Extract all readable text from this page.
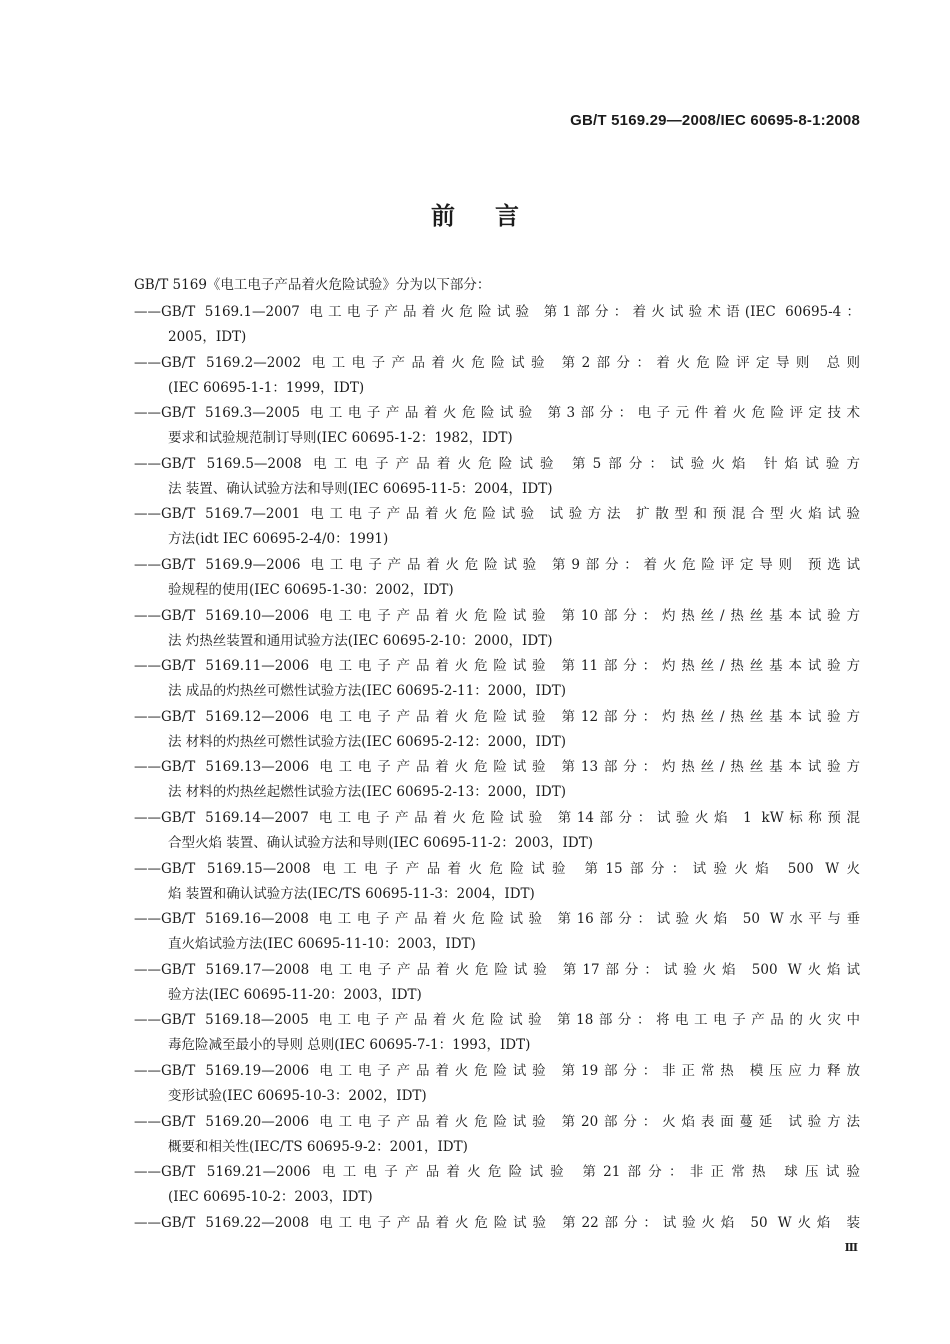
GB/T 5169.29—2008/IEC 60695-8-1:2008
前言
GB/T 5169《电工电子产品着火危险试验》分为以下部分：
——GB/T 5169.1—2007 电工电子产品着火危险试验 第1部分：着火试验术语(IEC 60695-4：
2005，IDT)
——GB/T 5169.2—2002 电工电子产品着火危险试验 第2部分：着火危险评定导则 总则
(IEC 60695-1-1：1999，IDT)
——GB/T 5169.3—2005 电工电子产品着火危险试验 第3部分：电子元件着火危险评定技术
要求和试验规范制订导则(IEC 60695-1-2：1982，IDT)
——GB/T 5169.5—2008 电工电子产品着火危险试验 第5部分：试验火焰 针焰试验方
法 装置、确认试验方法和导则(IEC 60695-11-5：2004，IDT)
——GB/T 5169.7—2001 电工电子产品着火危险试验 试验方法 扩散型和预混合型火焰试验
方法(idt IEC 60695-2-4/0：1991)
——GB/T 5169.9—2006 电工电子产品着火危险试验 第9部分：着火危险评定导则 预选试
验规程的使用(IEC 60695-1-30：2002，IDT)
——GB/T 5169.10—2006 电工电子产品着火危险试验 第10部分：灼热丝/热丝基本试验方
法 灼热丝装置和通用试验方法(IEC 60695-2-10：2000，IDT)
——GB/T 5169.11—2006 电工电子产品着火危险试验 第11部分：灼热丝/热丝基本试验方
法 成品的灼热丝可燃性试验方法(IEC 60695-2-11：2000，IDT)
——GB/T 5169.12—2006 电工电子产品着火危险试验 第12部分：灼热丝/热丝基本试验方
法 材料的灼热丝可燃性试验方法(IEC 60695-2-12：2000，IDT)
——GB/T 5169.13—2006 电工电子产品着火危险试验 第13部分：灼热丝/热丝基本试验方
法 材料的灼热丝起燃性试验方法(IEC 60695-2-13：2000，IDT)
——GB/T 5169.14—2007 电工电子产品着火危险试验 第14部分：试验火焰 1 kW标称预混
合型火焰 装置、确认试验方法和导则(IEC 60695-11-2：2003，IDT)
——GB/T 5169.15—2008 电工电子产品着火危险试验 第15部分：试验火焰 500 W火
焰 装置和确认试验方法(IEC/TS 60695-11-3：2004，IDT)
——GB/T 5169.16—2008 电工电子产品着火危险试验 第16部分：试验火焰 50 W水平与垂
直火焰试验方法(IEC 60695-11-10：2003，IDT)
——GB/T 5169.17—2008 电工电子产品着火危险试验 第17部分：试验火焰 500 W火焰试
验方法(IEC 60695-11-20：2003，IDT)
——GB/T 5169.18—2005 电工电子产品着火危险试验 第18部分：将电工电子产品的火灾中
毒危险减至最小的导则 总则(IEC 60695-7-1：1993，IDT)
——GB/T 5169.19—2006 电工电子产品着火危险试验 第19部分：非正常热 模压应力释放
变形试验(IEC 60695-10-3：2002，IDT)
——GB/T 5169.20—2006 电工电子产品着火危险试验 第20部分：火焰表面蔓延 试验方法
概要和相关性(IEC/TS 60695-9-2：2001，IDT)
——GB/T 5169.21—2006 电工电子产品着火危险试验 第21部分：非正常热 球压试验
(IEC 60695-10-2：2003，IDT)
——GB/T 5169.22—2008 电工电子产品着火危险试验 第22部分：试验火焰 50 W火焰 装
Ⅲ
